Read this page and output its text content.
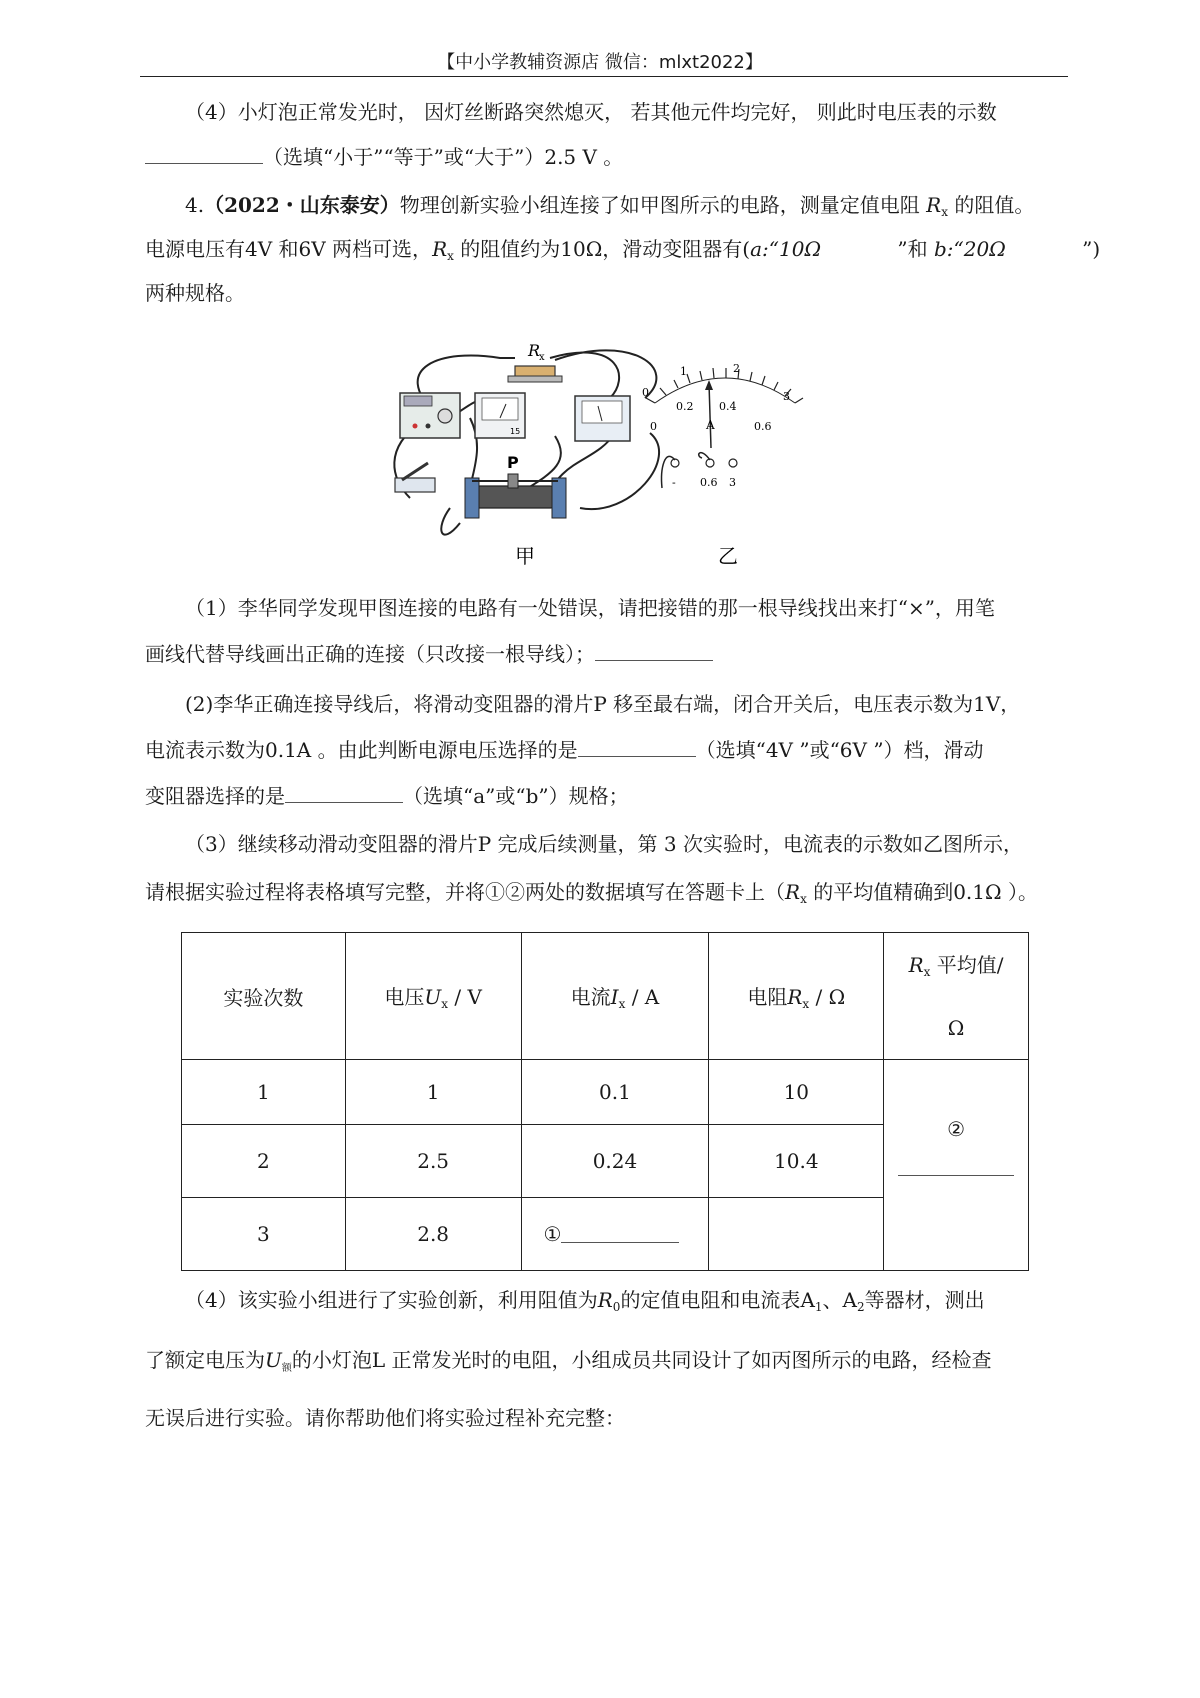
【中小学教辅资源店 微信：mlxt2022】
（4）小灯泡正常发光时， 因灯丝断路突然熄灭， 若其他元件均完好， 则此时电压表的示数
（选填“小于”“等于”或“大于”）2.5 V 。
4.（2022・山东泰安）物理创新实验小组连接了如甲图所示的电路，测量定值电阻 $R_x$ 的阻值。
电源电压有4V 和6V 两档可选，$R_x$ 的阻值约为10Ω，滑动变阻器有(a:“10Ω	”和 b:“20Ω	”)
两种规格。
R
x
15
P
0
1	2
3
0
0.2 0.4
0.6
A
- 0.6 3
甲	乙
（1）李华同学发现甲图连接的电路有一处错误，请把接错的那一根导线找出来打“×”，用笔
画线代替导线画出正确的连接（只改接一根导线）；
(2)李华正确连接导线后，将滑动变阻器的滑片P 移至最右端，闭合开关后，电压表示数为1V，
电流表示数为0.1A 。由此判断电源电压选择的是	（选填“4V ”或“6V ”）档，滑动
变阻器选择的是	（选填“a”或“b”）规格；
（3）继续移动滑动变阻器的滑片P 完成后续测量，第 3 次实验时，电流表的示数如乙图所示，
请根据实验过程将表格填写完整，并将①②两处的数据填写在答题卡上（$R_x$ 的平均值精确到0.1Ω ）。
实验次数	电压$U_x$ / V	电流$I_x$ / A	电阻$R_x$ / Ω	$R_x$ 平均值/
Ω
1	1	0.1	10	②

2	2.5	0.24	10.4	
3	2.8	①		
（4）该实验小组进行了实验创新，利用阻值为$R_0$的定值电阻和电流表$A_1$、$A_2$等器材，测出
了额定电压为$U_额$的小灯泡L 正常发光时的电阻，小组成员共同设计了如丙图所示的电路，经检查
无误后进行实验。请你帮助他们将实验过程补充完整：
